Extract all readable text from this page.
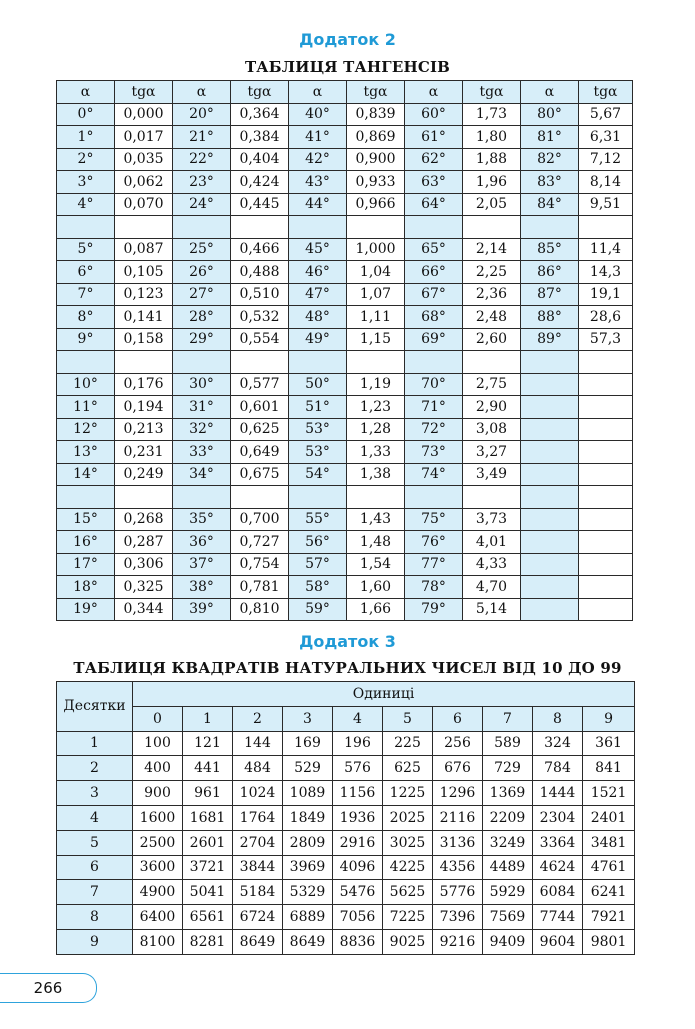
Додаток 2
ТАБЛИЦЯ ТАНГЕНСІВ
α	tgα	α	tgα	α	tgα	α	tgα	α	tgα
0°	0,000	20°	0,364	40°	0,839	60°	1,73	80°	5,67
1°	0,017	21°	0,384	41°	0,869	61°	1,80	81°	6,31
2°	0,035	22°	0,404	42°	0,900	62°	1,88	82°	7,12
3°	0,062	23°	0,424	43°	0,933	63°	1,96	83°	8,14
4°	0,070	24°	0,445	44°	0,966	64°	2,05	84°	9,51

5°	0,087	25°	0,466	45°	1,000	65°	2,14	85°	11,4
6°	0,105	26°	0,488	46°	1,04	66°	2,25	86°	14,3
7°	0,123	27°	0,510	47°	1,07	67°	2,36	87°	19,1
8°	0,141	28°	0,532	48°	1,11	68°	2,48	88°	28,6
9°	0,158	29°	0,554	49°	1,15	69°	2,60	89°	57,3

10°	0,176	30°	0,577	50°	1,19	70°	2,75		
11°	0,194	31°	0,601	51°	1,23	71°	2,90		
12°	0,213	32°	0,625	53°	1,28	72°	3,08		
13°	0,231	33°	0,649	53°	1,33	73°	3,27		
14°	0,249	34°	0,675	54°	1,38	74°	3,49		

15°	0,268	35°	0,700	55°	1,43	75°	3,73		
16°	0,287	36°	0,727	56°	1,48	76°	4,01		
17°	0,306	37°	0,754	57°	1,54	77°	4,33		
18°	0,325	38°	0,781	58°	1,60	78°	4,70		
19°	0,344	39°	0,810	59°	1,66	79°	5,14		
Додаток 3
ТАБЛИЦЯ КВАДРАТІВ НАТУРАЛЬНИХ ЧИСЕЛ ВІД 10 ДО 99
Десятки	Одиниці									
	0	1	2	3	4	5	6	7	8	9
1	100	121	144	169	196	225	256	589	324	361
2	400	441	484	529	576	625	676	729	784	841
3	900	961	1024	1089	1156	1225	1296	1369	1444	1521
4	1600	1681	1764	1849	1936	2025	2116	2209	2304	2401
5	2500	2601	2704	2809	2916	3025	3136	3249	3364	3481
6	3600	3721	3844	3969	4096	4225	4356	4489	4624	4761
7	4900	5041	5184	5329	5476	5625	5776	5929	6084	6241
8	6400	6561	6724	6889	7056	7225	7396	7569	7744	7921
9	8100	8281	8649	8649	8836	9025	9216	9409	9604	9801
266
